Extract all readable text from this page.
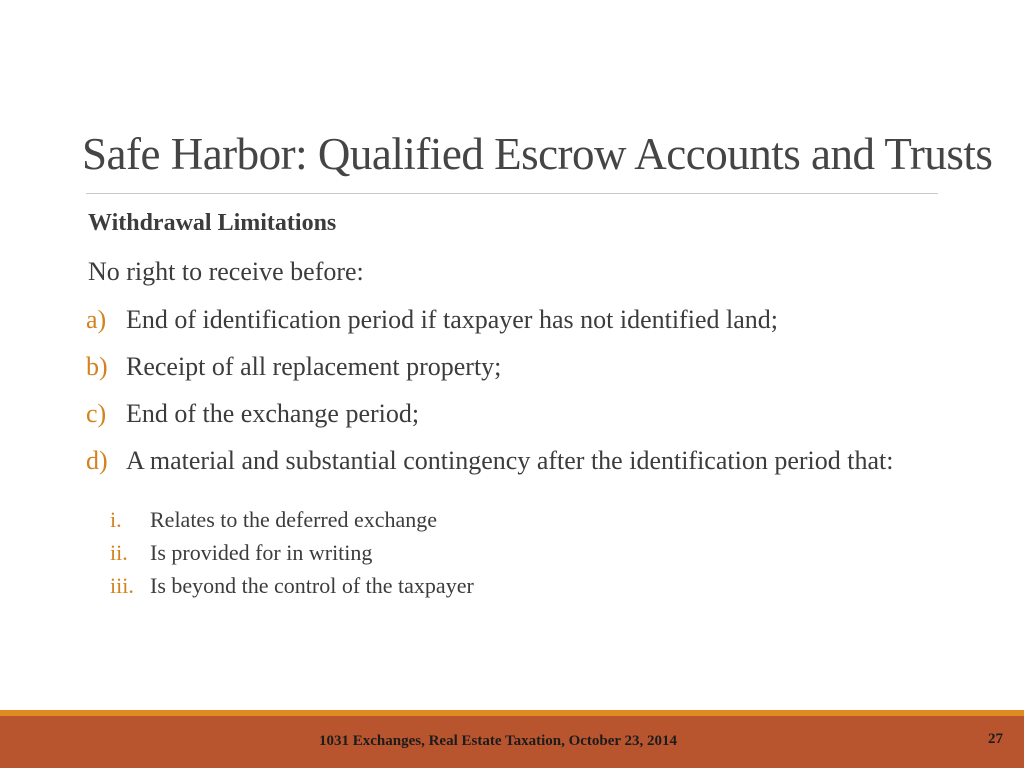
Safe Harbor: Qualified Escrow Accounts and Trusts
Withdrawal Limitations
No right to receive before:
a) End of identification period if taxpayer has not identified land;
b) Receipt of all replacement property;
c) End of the exchange period;
d) A material and substantial contingency after the identification period that:
i. Relates to the deferred exchange
ii. Is provided for in writing
iii. Is beyond the control of the taxpayer
1031 Exchanges, Real Estate Taxation, October 23, 2014	27
